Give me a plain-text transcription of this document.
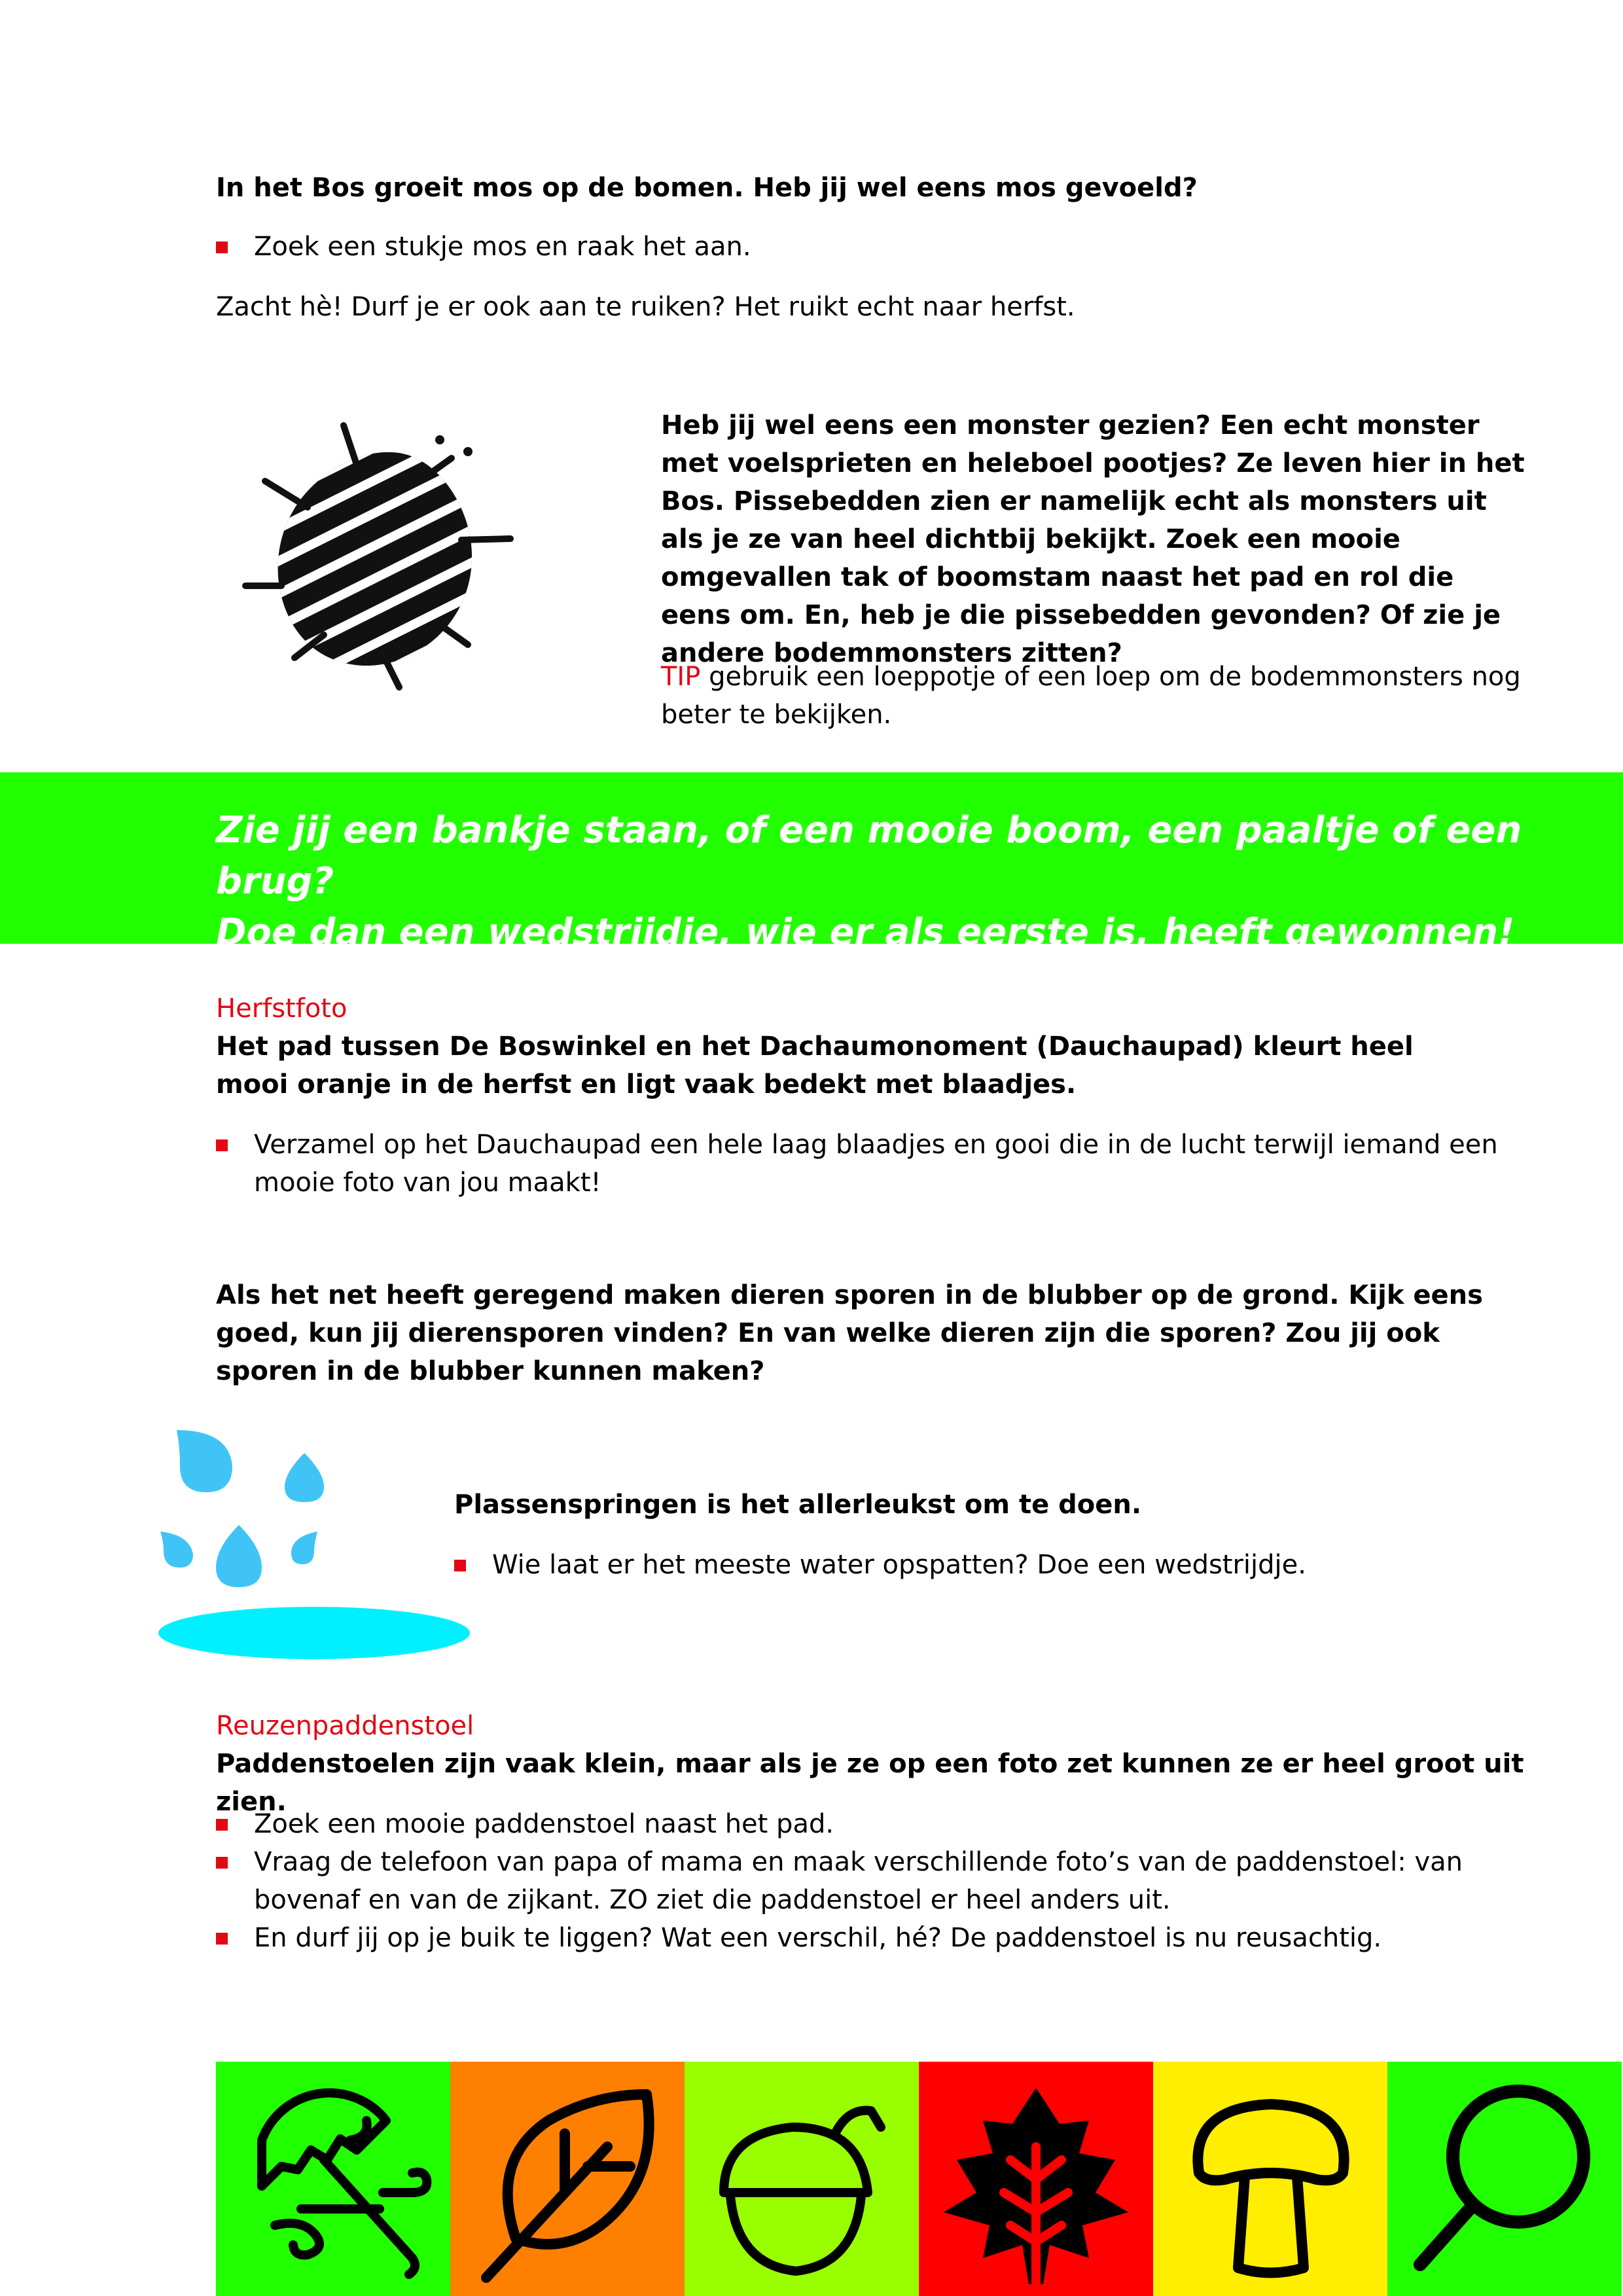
In het Bos groeit mos op de bomen. Heb jij wel eens mos gevoeld?

Zoek een stukje mos en raak het aan.

Zacht hè! Durf je er ook aan te ruiken? Het ruikt echt naar herfst.

Heb jij wel eens een monster gezien? Een echt monster met voelsprieten en heleboel pootjes? Ze leven hier in het Bos. Pissebedden zien er namelijk echt als monsters uit als je ze van heel dichtbij bekijkt. Zoek een mooie omgevallen tak of boomstam naast het pad en rol die eens om. En, heb je die pissebedden gevonden? Of zie je andere bodemmonsters zitten?

TIP gebruik een loeppotje of een loep om de bodemmonsters nog beter te bekijken.

Zie jij een bankje staan, of een mooie boom, een paaltje of een brug?
Doe dan een wedstrijdje, wie er als eerste is, heeft gewonnen!

Herfstfoto

Het pad tussen De Boswinkel en het Dachaumonoment (Dauchaupad) kleurt heel mooi oranje in de herfst en ligt vaak bedekt met blaadjes.

Verzamel op het Dauchaupad een hele laag blaadjes en gooi die in de lucht terwijl iemand een mooie foto van jou maakt!

Als het net heeft geregend maken dieren sporen in de blubber op de grond. Kijk eens goed, kun jij dierensporen vinden? En van welke dieren zijn die sporen? Zou jij ook sporen in de blubber kunnen maken?

Plassenspringen is het allerleukst om te doen.

Wie laat er het meeste water opspatten? Doe een wedstrijdje.

Reuzenpaddenstoel

Paddenstoelen zijn vaak klein, maar als je ze op een foto zet kunnen ze er heel groot uit zien.

Zoek een mooie paddenstoel naast het pad.
Vraag de telefoon van papa of mama en maak verschillende foto’s van de paddenstoel: van bovenaf en van de zijkant. ZO ziet die paddenstoel er heel anders uit.
En durf jij op je buik te liggen? Wat een verschil, hé? De paddenstoel is nu reusachtig.
